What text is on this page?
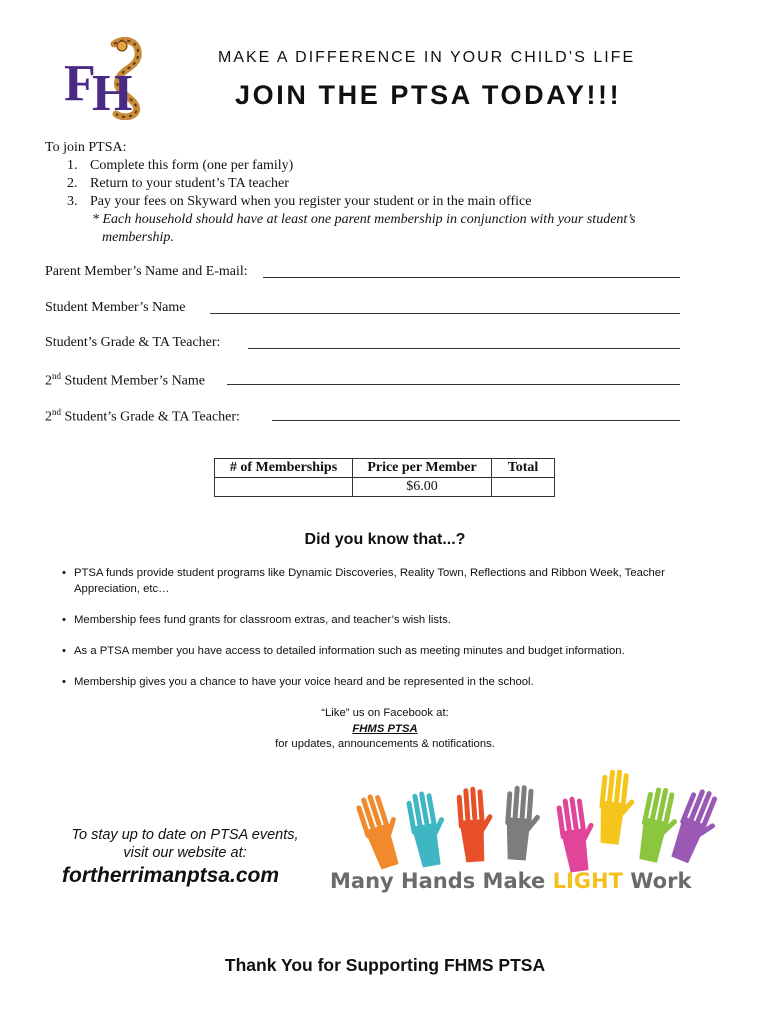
F
H
MAKE A DIFFERENCE IN YOUR CHILD’S LIFE
JOIN THE PTSA TODAY!!!
To join PTSA:
1. Complete this form (one per family)
2. Return to your student’s TA teacher
3. Pay your fees on Skyward when you register your student or in the main office
* Each household should have at least one parent membership in conjunction with your student’s membership.
Parent Member’s Name and E-mail:
Student Member’s Name
Student’s Grade & TA Teacher:
2nd Student Member’s Name
2nd Student’s Grade & TA Teacher:
# of Memberships	Price per Member	Total
	$6.00	
Did you know that...?
• PTSA funds provide student programs like Dynamic Discoveries, Reality Town, Reflections and Ribbon Week, Teacher Appreciation, etc…
• Membership fees fund grants for classroom extras, and teacher’s wish lists.
• As a PTSA member you have access to detailed information such as meeting minutes and budget information.
• Membership gives you a chance to have your voice heard and be represented in the school.
“Like” us on Facebook at:
FHMS PTSA
for updates, announcements & notifications.
To stay up to date on PTSA events,
visit our website at:
fortherrimanptsa.com Many Hands Make LIGHT Work
Thank You for Supporting FHMS PTSA
